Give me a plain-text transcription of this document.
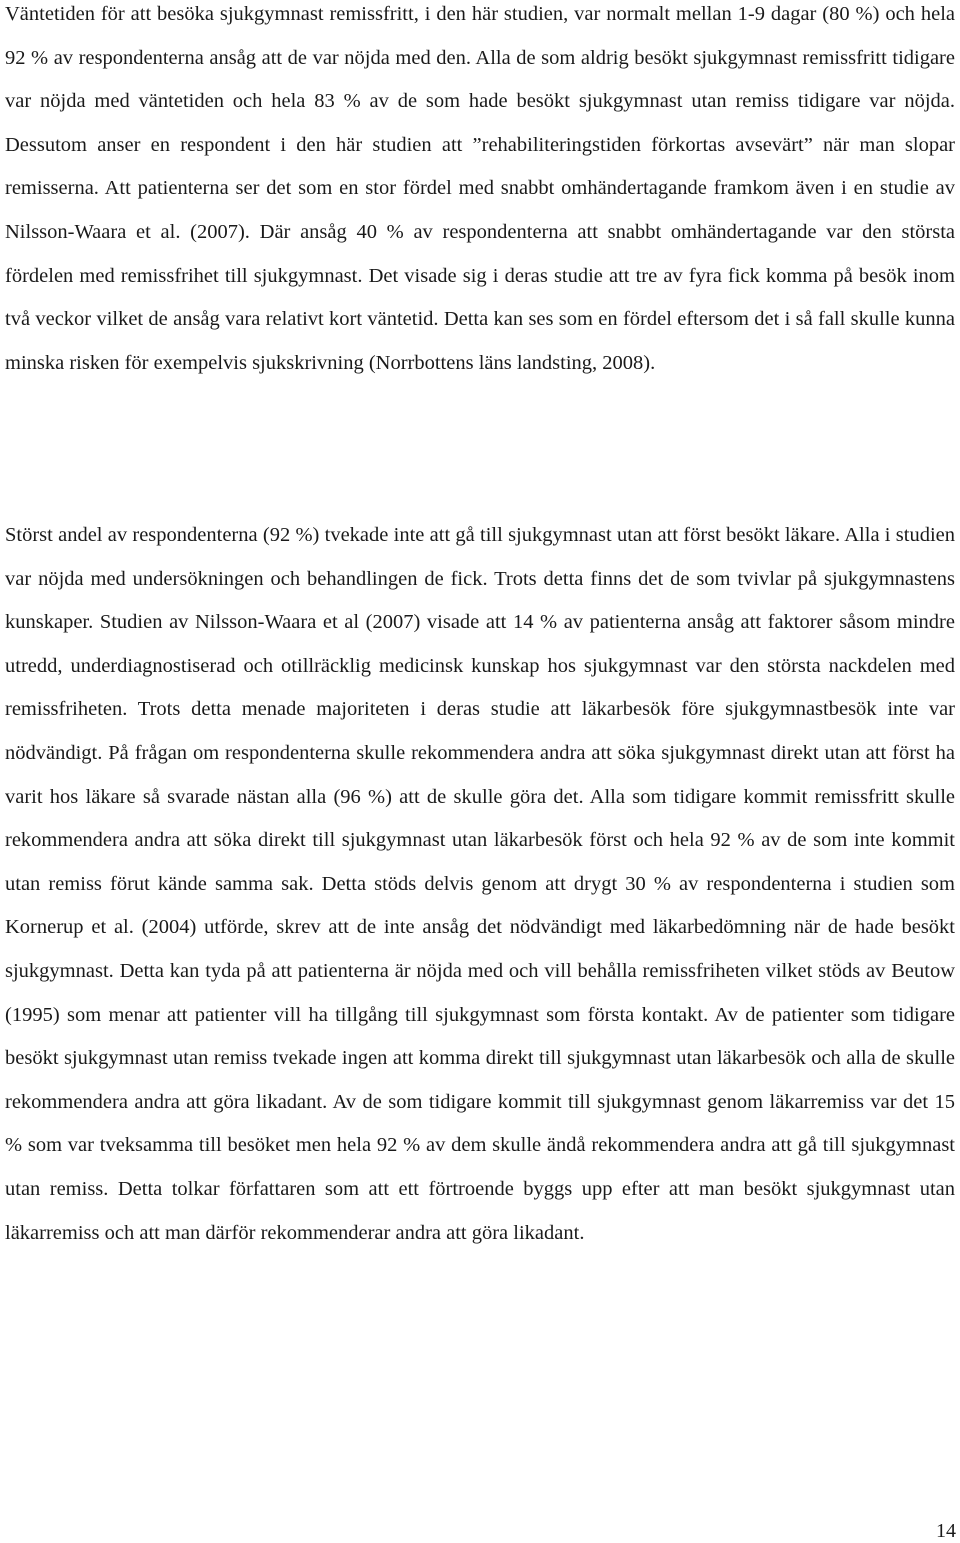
Väntetiden för att besöka sjukgymnast remissfritt, i den här studien, var normalt mellan 1-9 dagar (80 %) och hela 92 % av respondenterna ansåg att de var nöjda med den. Alla de som aldrig besökt sjukgymnast remissfritt tidigare var nöjda med väntetiden och hela 83 % av de som hade besökt sjukgymnast utan remiss tidigare var nöjda. Dessutom anser en respondent i den här studien att ”rehabiliteringstiden förkortas avsevärt” när man slopar remisserna. Att patienterna ser det som en stor fördel med snabbt omhändertagande framkom även i en studie av Nilsson-Waara et al. (2007). Där ansåg 40 % av respondenterna att snabbt omhändertagande var den största fördelen med remissfrihet till sjukgymnast. Det visade sig i deras studie att tre av fyra fick komma på besök inom två veckor vilket de ansåg vara relativt kort väntetid. Detta kan ses som en fördel eftersom det i så fall skulle kunna minska risken för exempelvis sjukskrivning (Norrbottens läns landsting, 2008).

Störst andel av respondenterna (92 %) tvekade inte att gå till sjukgymnast utan att först besökt läkare. Alla i studien var nöjda med undersökningen och behandlingen de fick. Trots detta finns det de som tvivlar på sjukgymnastens kunskaper. Studien av Nilsson-Waara et al (2007) visade att 14 % av patienterna ansåg att faktorer såsom mindre utredd, underdiagnostiserad och otillräcklig medicinsk kunskap hos sjukgymnast var den största nackdelen med remissfriheten. Trots detta menade majoriteten i deras studie att läkarbesök före sjukgymnastbesök inte var nödvändigt. På frågan om respondenterna skulle rekommendera andra att söka sjukgymnast direkt utan att först ha varit hos läkare så svarade nästan alla (96 %) att de skulle göra det. Alla som tidigare kommit remissfritt skulle rekommendera andra att söka direkt till sjukgymnast utan läkarbesök först och hela 92 % av de som inte kommit utan remiss förut kände samma sak. Detta stöds delvis genom att drygt 30 % av respondenterna i studien som Kornerup et al. (2004) utförde, skrev att de inte ansåg det nödvändigt med läkarbedömning när de hade besökt sjukgymnast. Detta kan tyda på att patienterna är nöjda med och vill behålla remissfriheten vilket stöds av Beutow (1995) som menar att patienter vill ha tillgång till sjukgymnast som första kontakt. Av de patienter som tidigare besökt sjukgymnast utan remiss tvekade ingen att komma direkt till sjukgymnast utan läkarbesök och alla de skulle rekommendera andra att göra likadant. Av de som tidigare kommit till sjukgymnast genom läkarremiss var det 15 % som var tveksamma till besöket men hela 92 % av dem skulle ändå rekommendera andra att gå till sjukgymnast utan remiss. Detta tolkar författaren som att ett förtroende byggs upp efter att man besökt sjukgymnast utan läkarremiss och att man därför rekommenderar andra att göra likadant.

14
